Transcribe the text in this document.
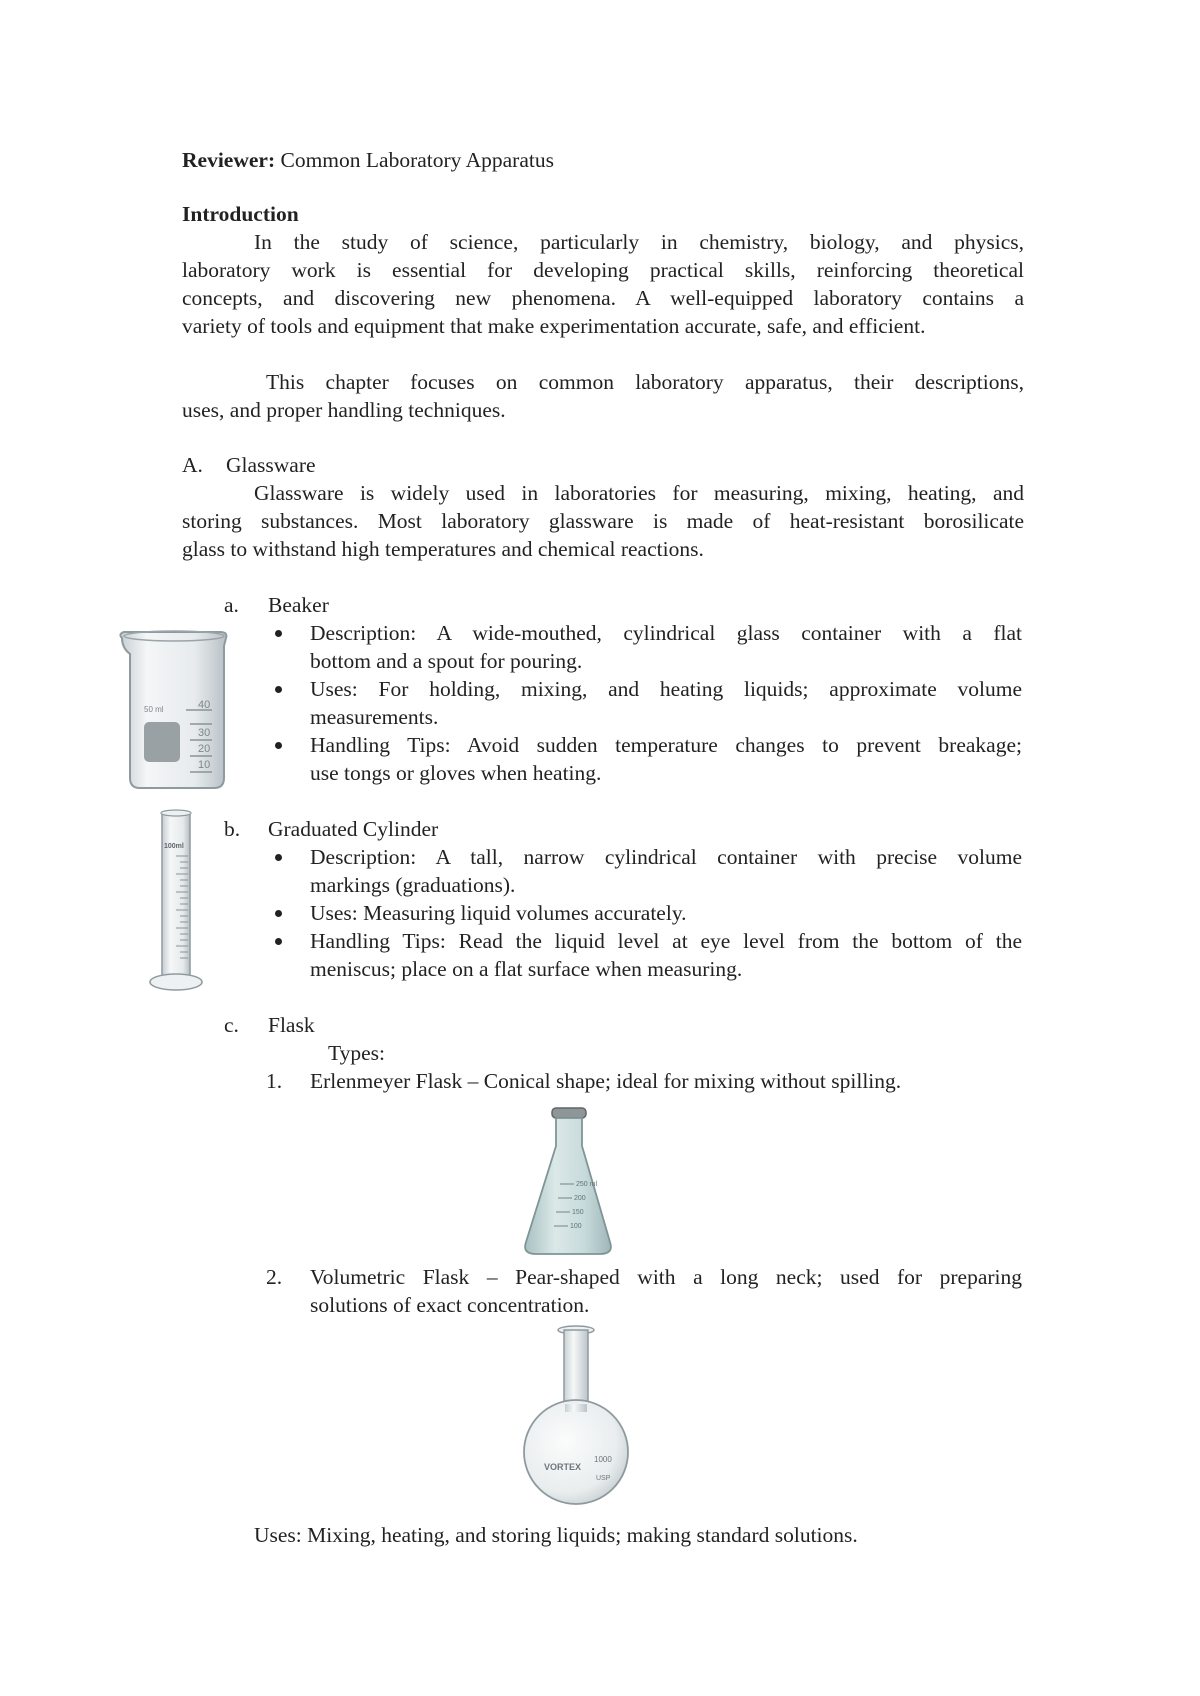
Reviewer: Common Laboratory Apparatus

Introduction

In the study of science, particularly in chemistry, biology, and physics,

laboratory work is essential for developing practical skills, reinforcing theoretical

concepts, and discovering new phenomena. A well-equipped laboratory contains a

variety of tools and equipment that make experimentation accurate, safe, and efficient.

This chapter focuses on common laboratory apparatus, their descriptions,

uses, and proper handling techniques.

A. Glassware

Glassware is widely used in laboratories for measuring, mixing, heating, and

storing substances. Most laboratory glassware is made of heat-resistant borosilicate

glass to withstand high temperatures and chemical reactions.

a. Beaker

Description: A wide-mouthed, cylindrical glass container with a flat

bottom and a spout for pouring.

Uses: For holding, mixing, and heating liquids; approximate volume

measurements.

Handling Tips: Avoid sudden temperature changes to prevent breakage;

use tongs or gloves when heating.

50 ml	40
30
20
10

b. Graduated Cylinder

Description: A tall, narrow cylindrical container with precise volume

markings (graduations).

Uses: Measuring liquid volumes accurately.

Handling Tips: Read the liquid level at eye level from the bottom of the

meniscus; place on a flat surface when measuring.

100ml

c. Flask

Types:

1. Erlenmeyer Flask – Conical shape; ideal for mixing without spilling.

250 ml
200
150
100

2. Volumetric Flask – Pear-shaped with a long neck; used for preparing

solutions of exact concentration.

VORTEX
1000
USP

Uses: Mixing, heating, and storing liquids; making standard solutions.
